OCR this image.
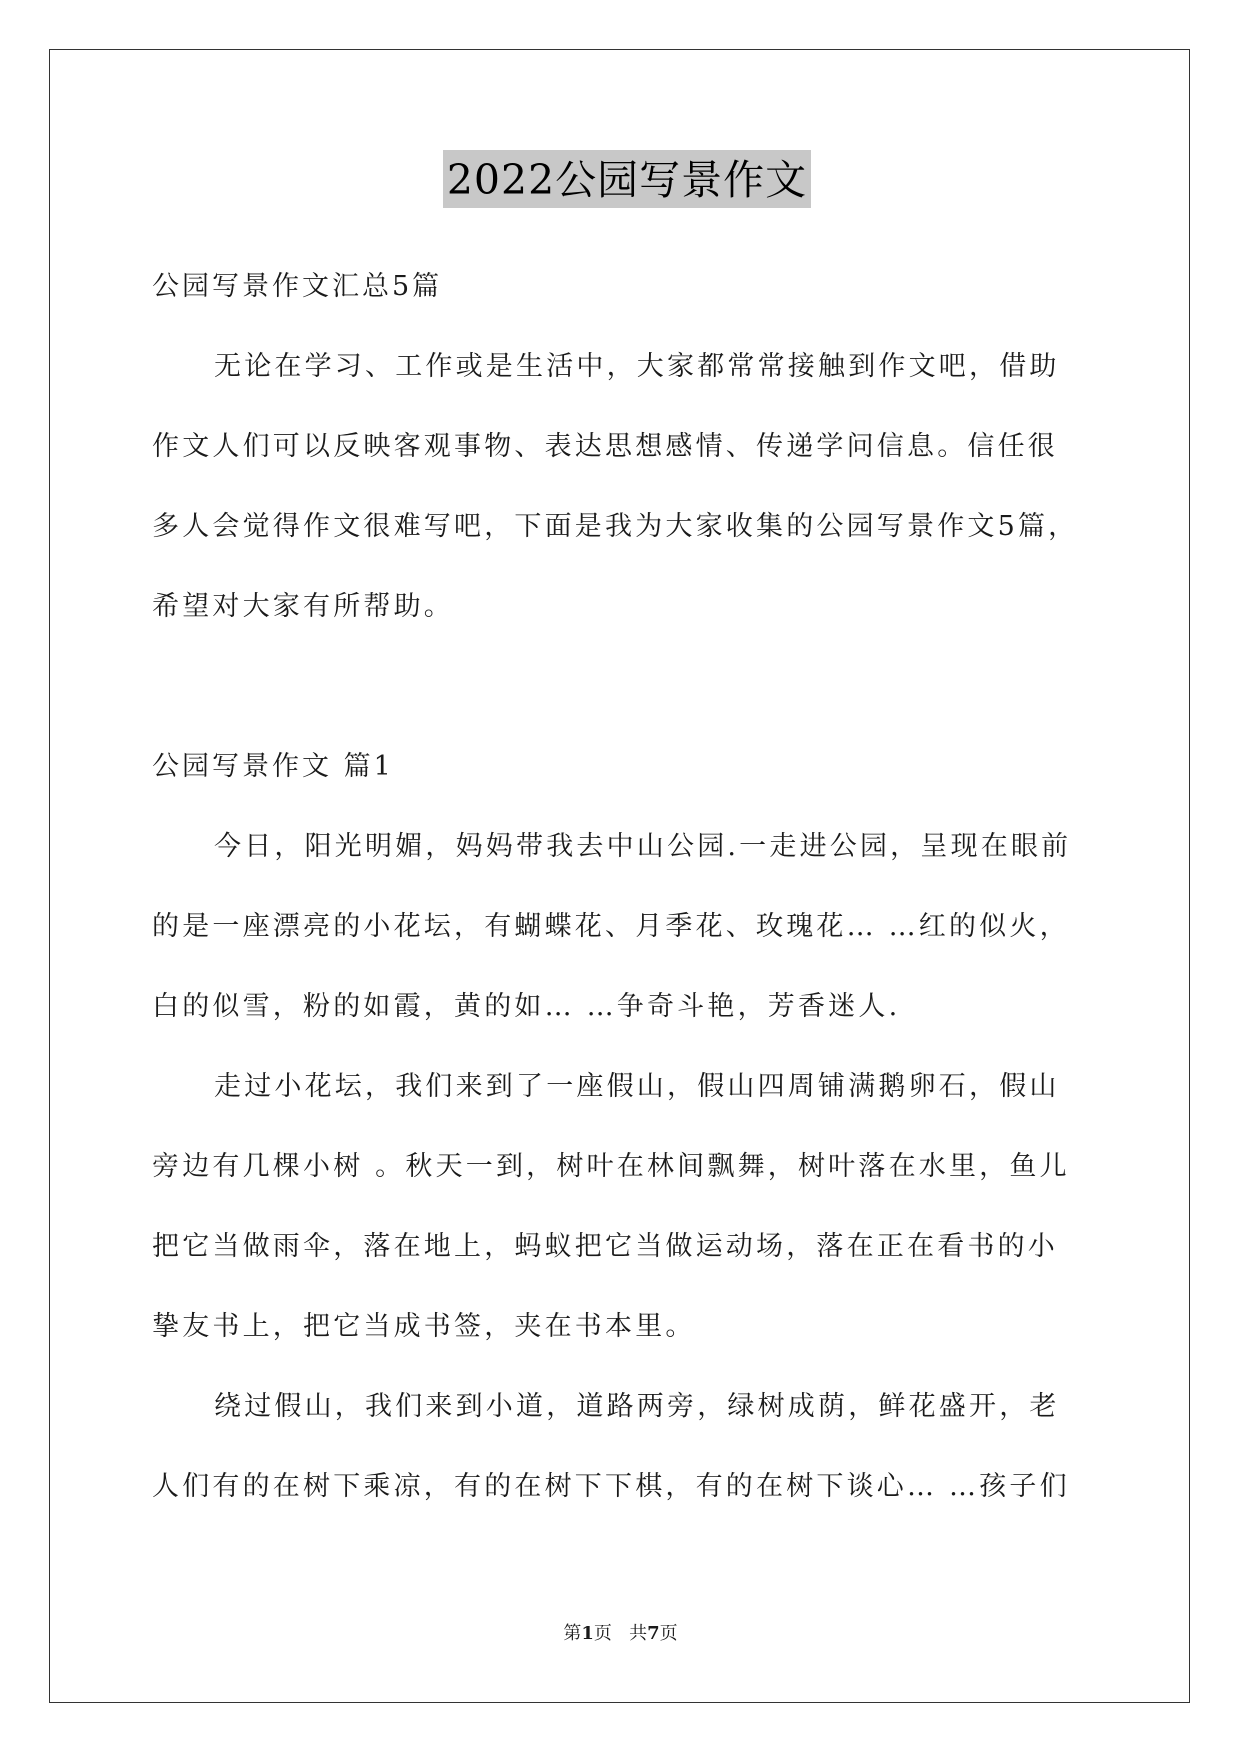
2022公园写景作文

公园写景作文汇总5篇

无论在学习、工作或是生活中，大家都常常接触到作文吧，借助
作文人们可以反映客观事物、表达思想感情、传递学问信息。信任很
多人会觉得作文很难写吧，下面是我为大家收集的公园写景作文5篇，
希望对大家有所帮助。

公园写景作文 篇1

今日，阳光明媚，妈妈带我去中山公园.一走进公园，呈现在眼前
的是一座漂亮的小花坛，有蝴蝶花、月季花、玫瑰花… …红的似火，
白的似雪，粉的如霞，黄的如… …争奇斗艳，芳香迷人.
走过小花坛，我们来到了一座假山，假山四周铺满鹅卵石，假山
旁边有几棵小树 。秋天一到，树叶在林间飘舞，树叶落在水里，鱼儿
把它当做雨伞，落在地上，蚂蚁把它当做运动场，落在正在看书的小
挚友书上，把它当成书签，夹在书本里。
绕过假山，我们来到小道，道路两旁，绿树成荫，鲜花盛开，老
人们有的在树下乘凉，有的在树下下棋，有的在树下谈心… …孩子们
第1页   共7页
